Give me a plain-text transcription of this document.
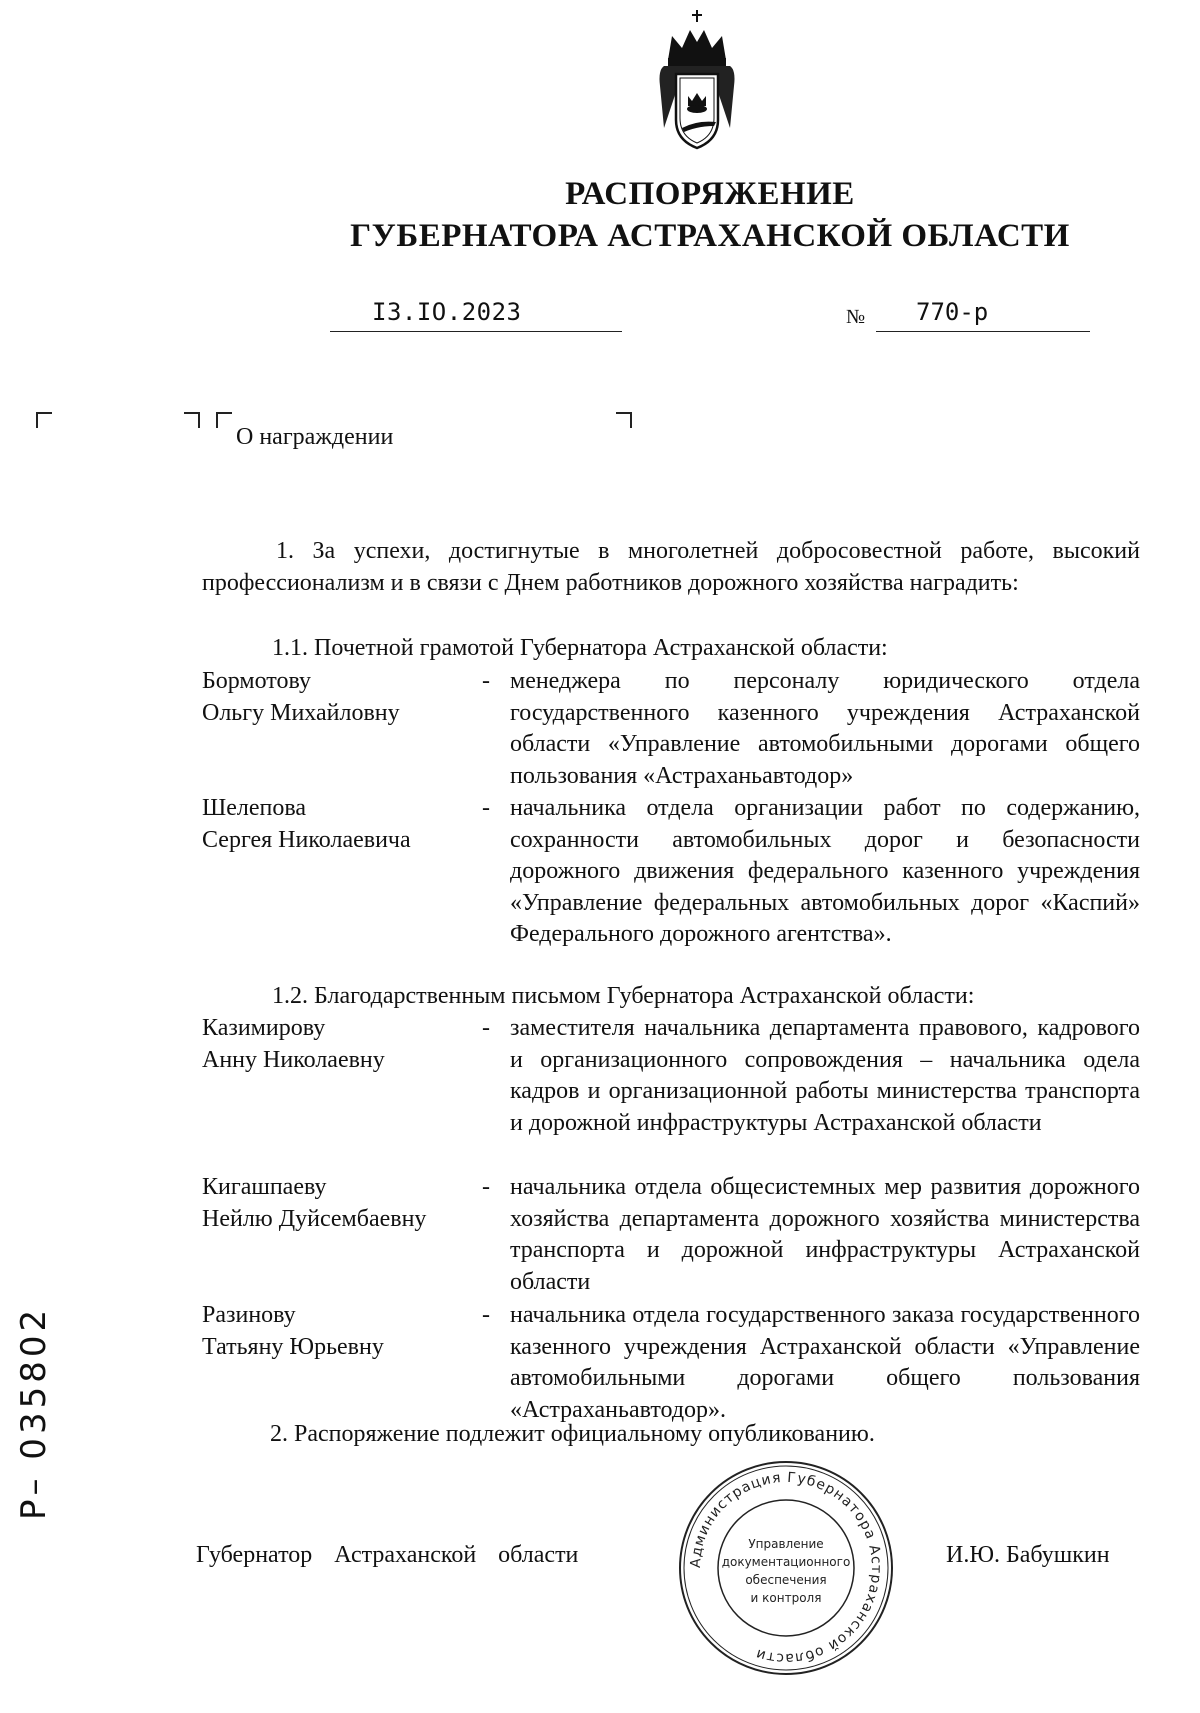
РАСПОРЯЖЕНИЕ
ГУБЕРНАТОРА АСТРАХАНСКОЙ ОБЛАСТИ
I3.IO.2023	№ 770-р
О награждении
1. За успехи, достигнутые в многолетней добросовестной работе, высокий профессионализм и в связи с Днем работников дорожного хозяйства наградить:
1.1. Почетной грамотой Губернатора Астраханской области:
Бормотову
Ольгу Михайловну
- менеджера по персоналу юридического отдела государственного казенного учреждения Астраханской области «Управление автомобильными дорогами общего пользования «Астраханьавтодор»
Шелепова
Сергея Николаевича
- начальника отдела организации работ по содержанию, сохранности автомобильных дорог и безопасности дорожного движения федерального казенного учреждения «Управление федеральных автомобильных дорог «Каспий» Федерального дорожного агентства».
1.2. Благодарственным письмом Губернатора Астраханской области:
Казимирову
Анну Николаевну
- заместителя начальника департамента правового, кадрового и организационного сопровождения – начальника одела кадров и организационной работы министерства транспорта и дорожной инфраструктуры Астраханской области
Кигашпаеву
Нейлю Дуйсембаевну
- начальника отдела общесистемных мер развития дорожного хозяйства департамента дорожного хозяйства министерства транспорта и дорожной инфраструктуры Астраханской области
Разинову
Татьяну Юрьевну
- начальника отдела государственного заказа государственного казенного учреждения Астраханской области «Управление автомобильными дорогами общего пользования «Астраханьавтодор».
2. Распоряжение подлежит официальному опубликованию.
Губернатор Астраханской области	И.Ю. Бабушкин
Администрация Губернатора Астраханской области
Управление
документационного
обеспечения
и контроля
Р– 035802
